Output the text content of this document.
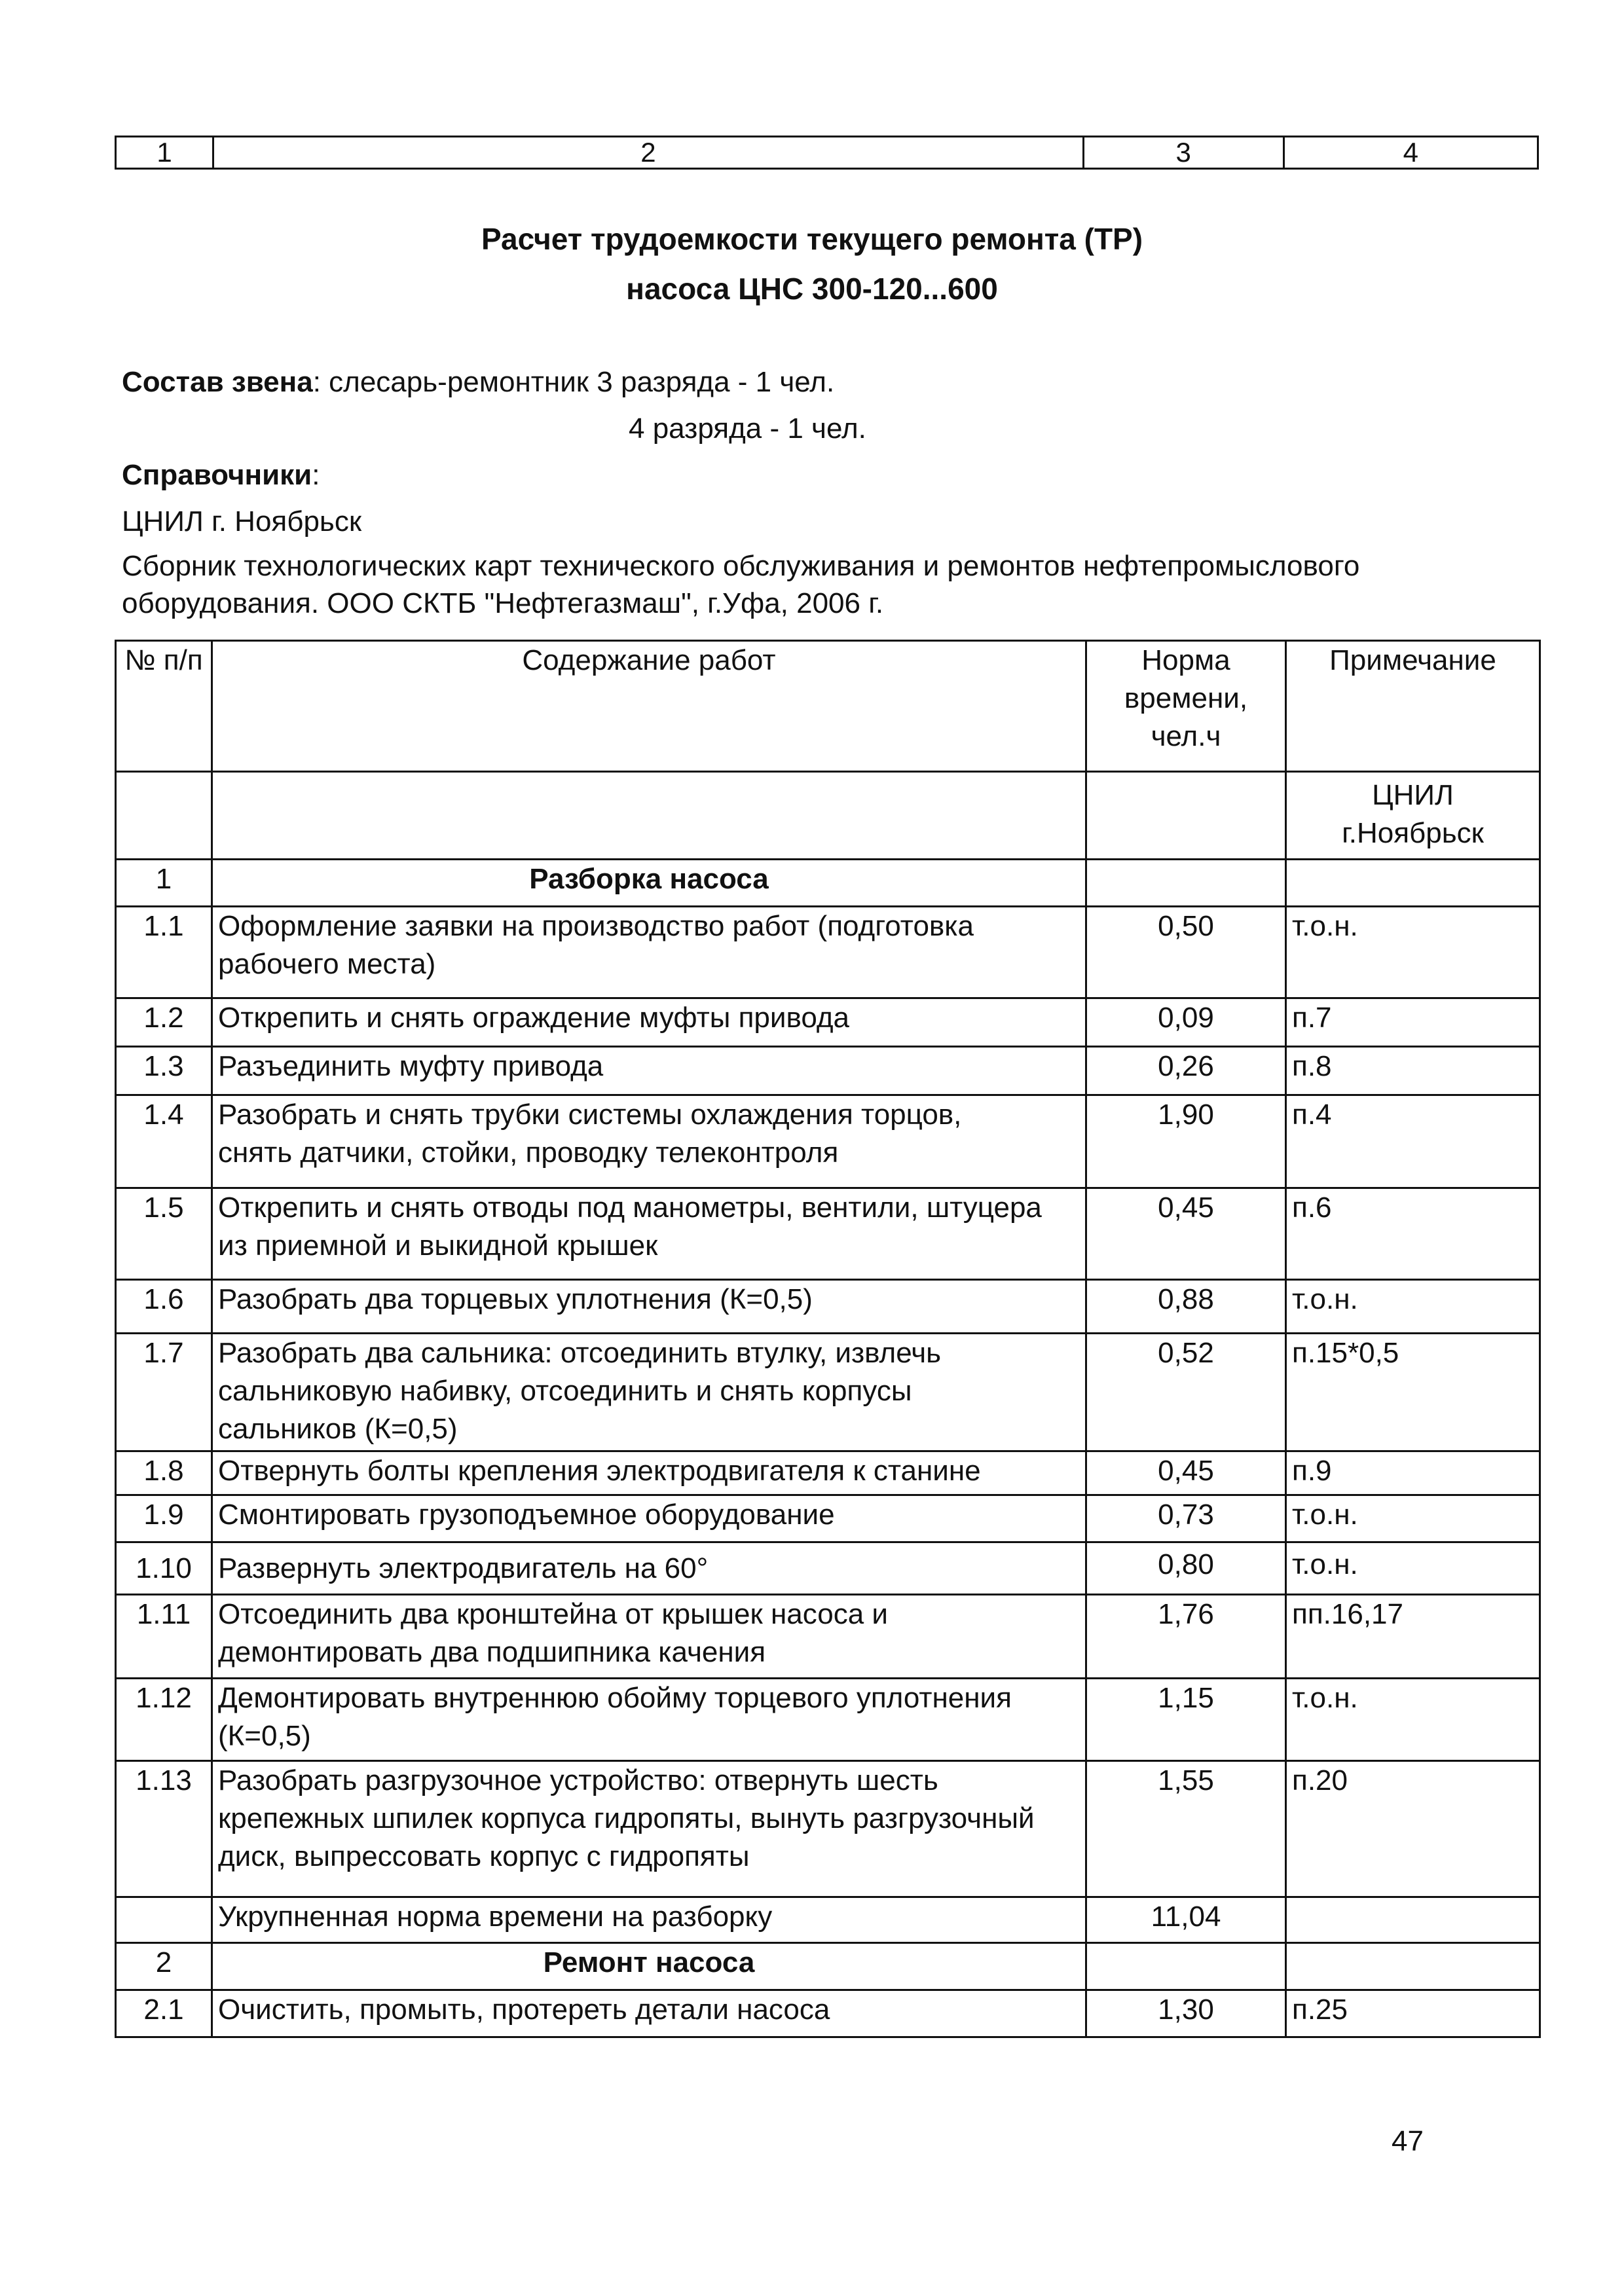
1	2	3	4
Расчет трудоемкости текущего ремонта (ТР)
насоса ЦНС 300-120...600
Состав звена: слесарь-ремонтник 3 разряда - 1 чел.
4 разряда - 1 чел.
Справочники:
ЦНИЛ г. Ноябрьск
Сборник технологических карт технического обслуживания и ремонтов нефтепромыслового
оборудования. ООО СКТБ "Нефтегазмаш", г.Уфа, 2006 г.
№ п/п	Содержание работ	Норма
времени,
чел.ч	Примечание

			ЦНИЛ
г.Ноябрьск

1	Разборка насоса		
1.1	Оформление заявки на производство работ (подготовка
рабочего места)	0,50	т.о.н.
1.2	Открепить и снять ограждение муфты привода	0,09	п.7
1.3	Разъединить муфту привода	0,26	п.8
1.4	Разобрать и снять трубки системы охлаждения торцов,
снять датчики, стойки, проводку телеконтроля	1,90	п.4
1.5	Открепить и снять отводы под манометры, вентили, штуцера
из приемной и выкидной крышек	0,45	п.6
1.6	Разобрать два торцевых уплотнения (К=0,5)	0,88	т.о.н.
1.7	Разобрать два сальника: отсоединить втулку, извлечь
сальниковую набивку, отсоединить и снять корпусы
сальников (К=0,5)	0,52	п.15*0,5
1.8	Отвернуть болты крепления электродвигателя к станине	0,45	п.9
1.9	Смонтировать грузоподъемное оборудование	0,73	т.о.н.
1.10	Развернуть электродвигатель на 60°	0,80	т.о.н.
1.11	Отсоединить два кронштейна от крышек насоса и
демонтировать два подшипника качения	1,76	пп.16,17
1.12	Демонтировать внутреннюю обойму торцевого уплотнения
(К=0,5)	1,15	т.о.н.
1.13	Разобрать разгрузочное устройство: отвернуть шесть
крепежных шпилек корпуса гидропяты, вынуть разгрузочный
диск, выпрессовать корпус с гидропяты	1,55	п.20
	Укрупненная норма времени на разборку	11,04	
2	Ремонт насоса		
2.1	Очистить, промыть, протереть детали насоса	1,30	п.25
47
